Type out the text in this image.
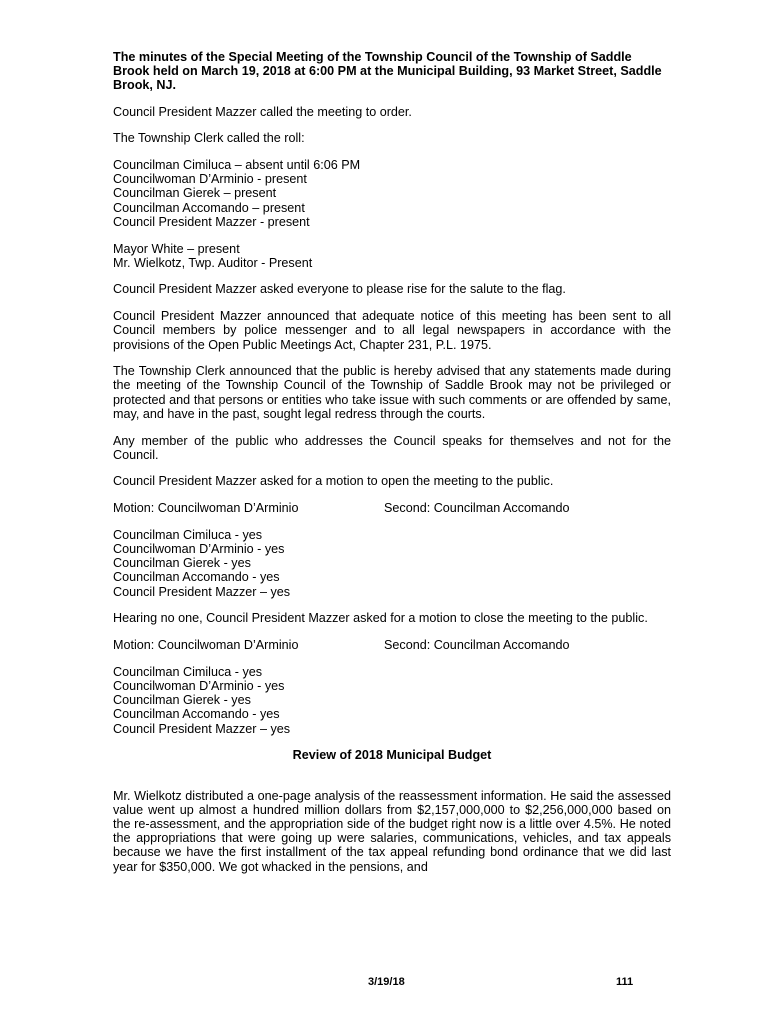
The minutes of the Special Meeting of the Township Council of the Township of Saddle Brook held on March 19, 2018 at 6:00 PM at the Municipal Building, 93 Market Street, Saddle Brook, NJ.

Council President Mazzer called the meeting to order.

The Township Clerk called the roll:

Councilman Cimiluca – absent until 6:06 PM
Councilwoman D’Arminio - present
Councilman Gierek – present
Councilman Accomando – present
Council President Mazzer - present
Mayor White – present
Mr. Wielkotz, Twp. Auditor - Present

Council President Mazzer asked everyone to please rise for the salute to the flag.

Council President Mazzer announced that adequate notice of this meeting has been sent to all Council members by police messenger and to all legal newspapers in accordance with the provisions of the Open Public Meetings Act, Chapter 231, P.L. 1975.

The Township Clerk announced that the public is hereby advised that any statements made during the meeting of the Township Council of the Township of Saddle Brook may not be privileged or protected and that persons or entities who take issue with such comments or are offended by same, may, and have in the past, sought legal redress through the courts.

Any member of the public who addresses the Council speaks for themselves and not for the Council.

Council President Mazzer asked for a motion to open the meeting to the public.

Motion: Councilwoman D’Arminio	Second: Councilman Accomando
Councilman Cimiluca - yes
Councilwoman D’Arminio - yes
Councilman Gierek - yes
Councilman Accomando - yes
Council President Mazzer – yes

Hearing no one, Council President Mazzer asked for a motion to close the meeting to the public.

Motion: Councilwoman D’Arminio	Second: Councilman Accomando
Councilman Cimiluca - yes
Councilwoman D’Arminio - yes
Councilman Gierek - yes
Councilman Accomando - yes
Council President Mazzer – yes
Review of 2018 Municipal Budget

Mr. Wielkotz distributed a one-page analysis of the reassessment information. He said the assessed value went up almost a hundred million dollars from $2,157,000,000 to $2,256,000,000 based on the re-assessment, and the appropriation side of the budget right now is a little over 4.5%. He noted the appropriations that were going up were salaries, communications, vehicles, and tax appeals because we have the first installment of the tax appeal refunding bond ordinance that we did last year for $350,000. We got whacked in the pensions, and

3/19/18	111
